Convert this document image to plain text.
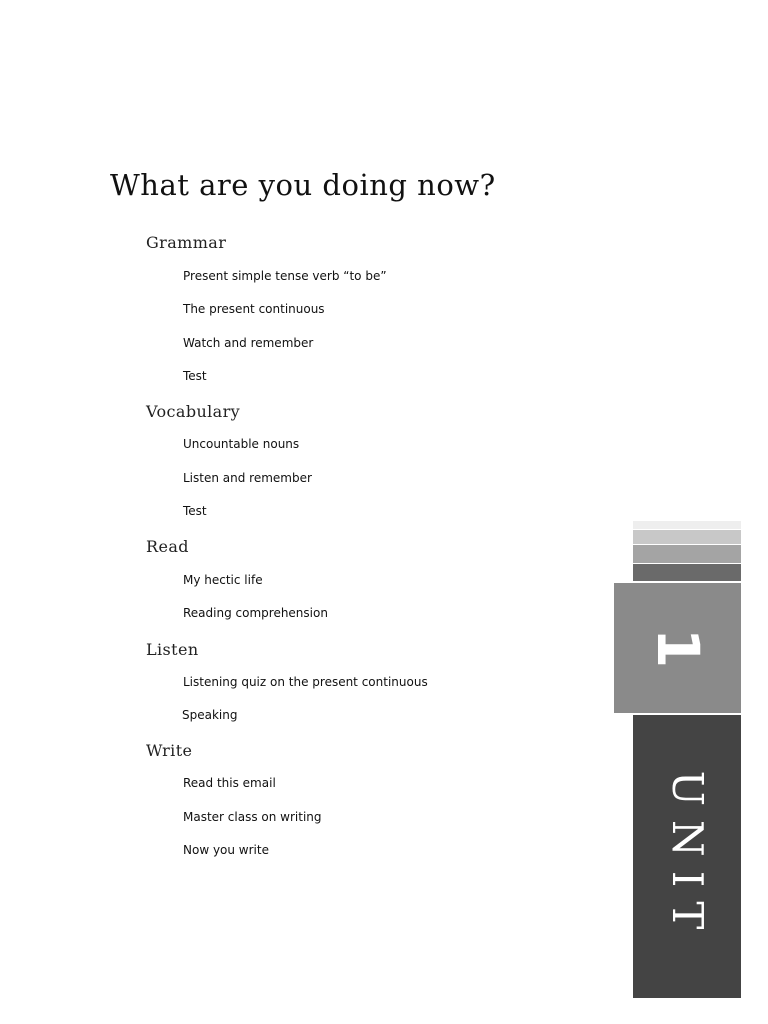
What are you doing now?
Grammar
Present simple tense verb “to be”
The present continuous
Watch and remember
Test
Vocabulary
Uncountable nouns
Listen and remember
Test
Read
My hectic life
Reading comprehension
Listen
Listening quiz on the present continuous
Speaking
Write
Read this email
Master class on writing
Now you write
1
UNIT
